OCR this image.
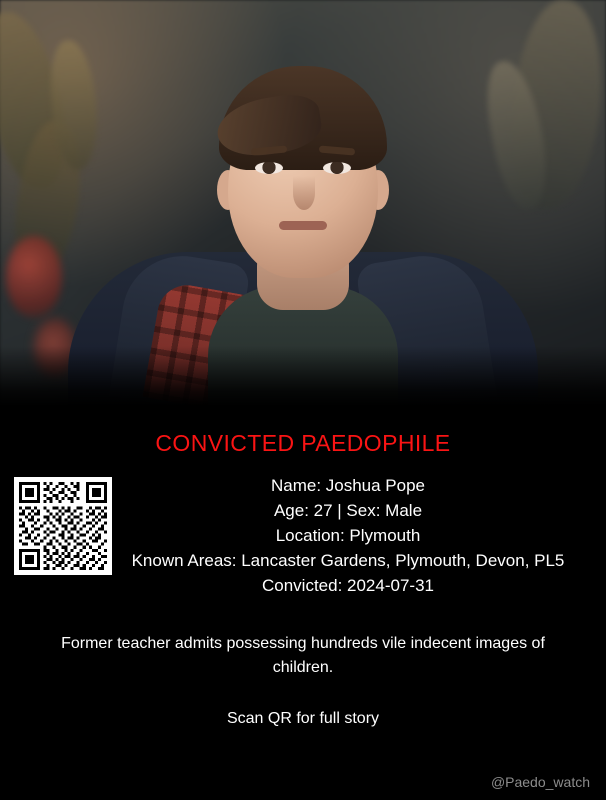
CONVICTED PAEDOPHILE
Name: Joshua Pope
Age: 27 | Sex: Male
Location: Plymouth
Known Areas: Lancaster Gardens, Plymouth, Devon, PL5
Convicted: 2024-07-31
Former teacher admits possessing hundreds vile indecent images of children.
Scan QR for full story
@Paedo_watch
